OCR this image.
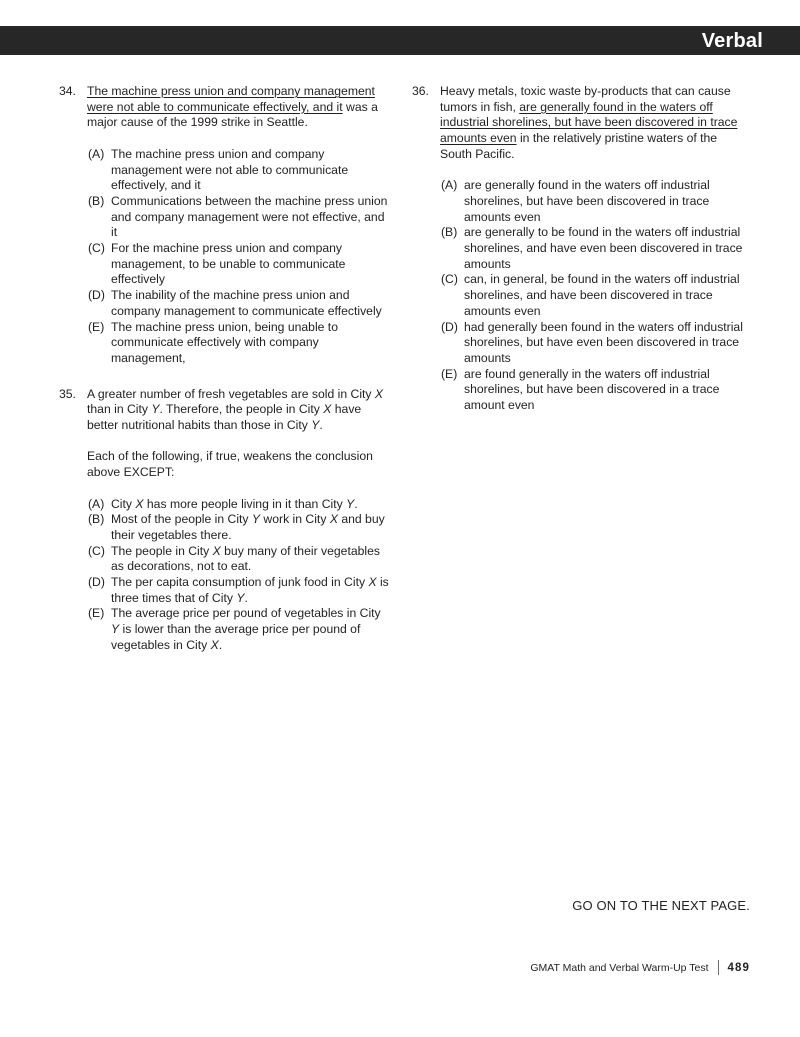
Verbal
34. The machine press union and company management were not able to communicate effectively, and it was a major cause of the 1999 strike in Seattle.
(A) The machine press union and company management were not able to communicate effectively, and it
(B) Communications between the machine press union and company management were not effective, and it
(C) For the machine press union and company management, to be unable to communicate effectively
(D) The inability of the machine press union and company management to communicate effectively
(E) The machine press union, being unable to communicate effectively with company management,
35. A greater number of fresh vegetables are sold in City X than in City Y. Therefore, the people in City X have better nutritional habits than those in City Y.
Each of the following, if true, weakens the conclusion above EXCEPT:
(A) City X has more people living in it than City Y.
(B) Most of the people in City Y work in City X and buy their vegetables there.
(C) The people in City X buy many of their vegetables as decorations, not to eat.
(D) The per capita consumption of junk food in City X is three times that of City Y.
(E) The average price per pound of vegetables in City Y is lower than the average price per pound of vegetables in City X.
36. Heavy metals, toxic waste by-products that can cause tumors in fish, are generally found in the waters off industrial shorelines, but have been discovered in trace amounts even in the relatively pristine waters of the South Pacific.
(A) are generally found in the waters off industrial shorelines, but have been discovered in trace amounts even
(B) are generally to be found in the waters off industrial shorelines, and have even been discovered in trace amounts
(C) can, in general, be found in the waters off industrial shorelines, and have been discovered in trace amounts even
(D) had generally been found in the waters off industrial shorelines, but have even been discovered in trace amounts
(E) are found generally in the waters off industrial shorelines, but have been discovered in a trace amount even
GO ON TO THE NEXT PAGE.
GMAT Math and Verbal Warm-Up Test 489
